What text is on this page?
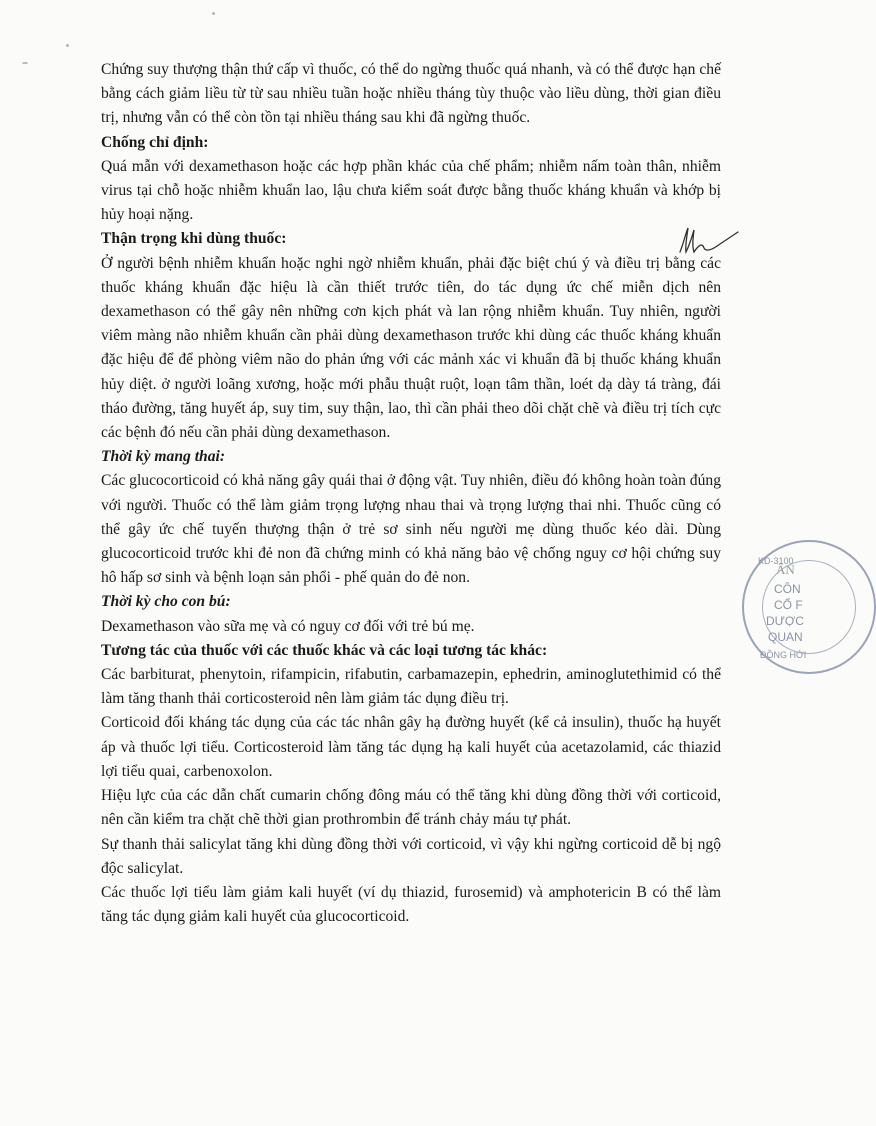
Chứng suy thượng thận thứ cấp vì thuốc, có thể do ngừng thuốc quá nhanh, và có thể được hạn chế bằng cách giảm liều từ từ sau nhiều tuần hoặc nhiều tháng tùy thuộc vào liều dùng, thời gian điều trị, nhưng vẫn có thể còn tồn tại nhiều tháng sau khi đã ngừng thuốc.

Chống chỉ định:

Quá mẫn với dexamethason hoặc các hợp phần khác của chế phẩm; nhiễm nấm toàn thân, nhiễm virus tại chỗ hoặc nhiễm khuẩn lao, lậu chưa kiểm soát được bằng thuốc kháng khuẩn và khớp bị hủy hoại nặng.

Thận trọng khi dùng thuốc:

Ở người bệnh nhiễm khuẩn hoặc nghi ngờ nhiễm khuẩn, phải đặc biệt chú ý và điều trị bằng các thuốc kháng khuẩn đặc hiệu là cần thiết trước tiên, do tác dụng ức chế miễn dịch nên dexamethason có thể gây nên những cơn kịch phát và lan rộng nhiễm khuẩn. Tuy nhiên, người viêm màng não nhiễm khuẩn cần phải dùng dexamethason trước khi dùng các thuốc kháng khuẩn đặc hiệu để để phòng viêm não do phản ứng với các mảnh xác vi khuẩn đã bị thuốc kháng khuẩn hủy diệt. ở người loãng xương, hoặc mới phẫu thuật ruột, loạn tâm thần, loét dạ dày tá tràng, đái tháo đường, tăng huyết áp, suy tim, suy thận, lao, thì cần phải theo dõi chặt chẽ và điều trị tích cực các bệnh đó nếu cần phải dùng dexamethason.

Thời kỳ mang thai:

Các glucocorticoid có khả năng gây quái thai ở động vật. Tuy nhiên, điều đó không hoàn toàn đúng với người. Thuốc có thể làm giảm trọng lượng nhau thai và trọng lượng thai nhi. Thuốc cũng có thể gây ức chế tuyến thượng thận ở trẻ sơ sinh nếu người mẹ dùng thuốc kéo dài. Dùng glucocorticoid trước khi đẻ non đã chứng minh có khả năng bảo vệ chống nguy cơ hội chứng suy hô hấp sơ sinh và bệnh loạn sản phổi - phế quản do đẻ non.

Thời kỳ cho con bú:

Dexamethason vào sữa mẹ và có nguy cơ đối với trẻ bú mẹ.

Tương tác của thuốc với các thuốc khác và các loại tương tác khác:

Các barbiturat, phenytoin, rifampicin, rifabutin, carbamazepin, ephedrin, aminoglutethimid có thể làm tăng thanh thải corticosteroid nên làm giảm tác dụng điều trị.

Corticoid đối kháng tác dụng của các tác nhân gây hạ đường huyết (kể cả insulin), thuốc hạ huyết áp và thuốc lợi tiểu. Corticosteroid làm tăng tác dụng hạ kali huyết của acetazolamid, các thiazid lợi tiểu quai, carbenoxolon.

Hiệu lực của các dẫn chất cumarin chống đông máu có thể tăng khi dùng đồng thời với corticoid, nên cần kiểm tra chặt chẽ thời gian prothrombin để tránh chảy máu tự phát.

Sự thanh thải salicylat tăng khi dùng đồng thời với corticoid, vì vậy khi ngừng corticoid dễ bị ngộ độc salicylat.

Các thuốc lợi tiểu làm giảm kali huyết (ví dụ thiazid, furosemid) và amphotericin B có thể làm tăng tác dụng giảm kali huyết của glucocorticoid.

ÂN
KD-3100
CÔN
CỔ F
DƯỢC
QUAN
ĐỒNG HỚI
